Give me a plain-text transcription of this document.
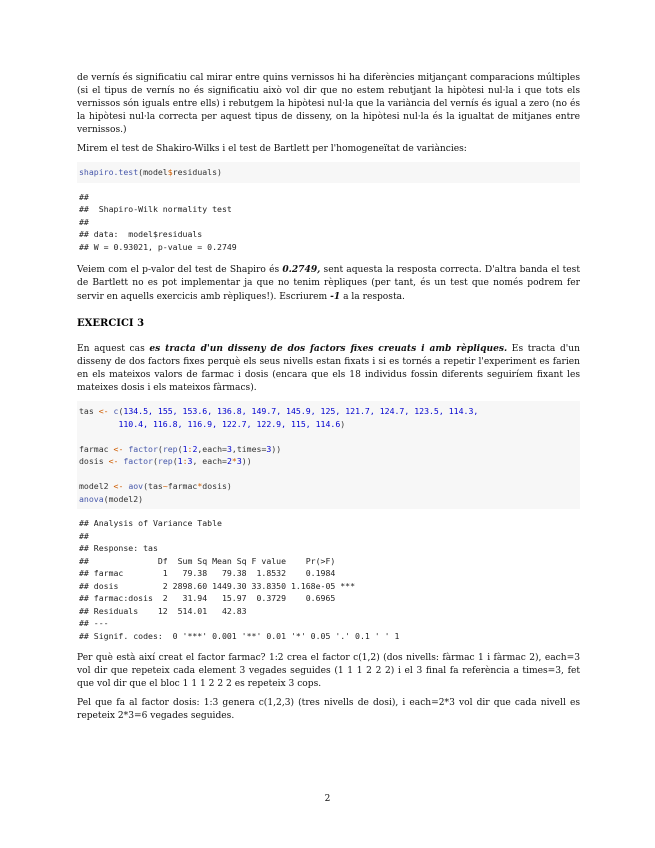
de vernís és significatiu cal mirar entre quins vernissos hi ha diferències mitjançant comparacions múltiples (si el tipus de vernís no és significatiu això vol dir que no estem rebutjant la hipòtesi nul·la i que tots els vernissos són iguals entre ells) i rebutgem la hipòtesi nul·la que la variància del vernís és igual a zero (no és la hipòtesi nul·la correcta per aquest tipus de disseny, on la hipòtesi nul·la és la igualtat de mitjanes entre vernissos.)

Mirem el test de Shakiro-Wilks i el test de Bartlett per l'homogeneïtat de variàncies:

shapiro.test(model$residuals)
##
##  Shapiro-Wilk normality test
##
## data:  model$residuals
## W = 0.93021, p-value = 0.2749

Veiem com el p-valor del test de Shapiro és 0.2749, sent aquesta la resposta correcta. D'altra banda el test de Bartlett no es pot implementar ja que no tenim rèpliques (per tant, és un test que només podrem fer servir en aquells exercicis amb rèpliques!). Escriurem -1 a la resposta.

EXERCICI 3

En aquest cas es tracta d'un disseny de dos factors fixes creuats i amb rèpliques. Es tracta d'un disseny de dos factors fixes perquè els seus nivells estan fixats i si es tornés a repetir l'experiment es farien en els mateixos valors de farmac i dosis (encara que els 18 individus fossin diferents seguiríem fixant les mateixes dosis i els mateixos fàrmacs).

tas <- c(134.5, 155, 153.6, 136.8, 149.7, 145.9, 125, 121.7, 124.7, 123.5, 114.3,
110.4, 116.8, 116.9, 122.7, 122.9, 115, 114.6)

farmac <- factor(rep(1:2,each=3,times=3))
dosis <- factor(rep(1:3, each=2*3))

model2 <- aov(tas~farmac*dosis)
anova(model2)
## Analysis of Variance Table
##
## Response: tas
##              Df  Sum Sq Mean Sq F value    Pr(>F)
## farmac        1   79.38   79.38  1.8532    0.1984
## dosis         2 2898.60 1449.30 33.8350 1.168e-05 ***
## farmac:dosis  2   31.94   15.97  0.3729    0.6965
## Residuals    12  514.01   42.83
## ---
## Signif. codes:  0 '***' 0.001 '**' 0.01 '*' 0.05 '.' 0.1 ' ' 1

Per què està així creat el factor farmac? 1:2 crea el factor c(1,2) (dos nivells: fàrmac 1 i fàrmac 2), each=3 vol dir que repeteix cada element 3 vegades seguides (1 1 1 2 2 2) i el 3 final fa referència a times=3, fet que vol dir que el bloc 1 1 1 2 2 2 es repeteix 3 cops.

Pel que fa al factor dosis: 1:3 genera c(1,2,3) (tres nivells de dosi), i each=2*3 vol dir que cada nivell es repeteix 2*3=6 vegades seguides.

2
